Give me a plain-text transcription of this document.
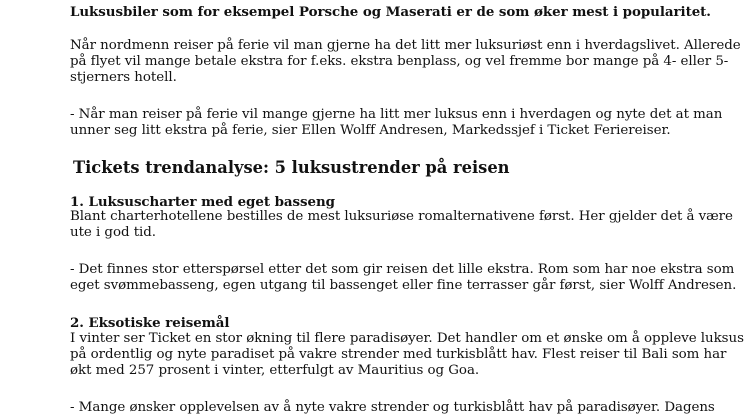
Luksusbiler som for eksempel Porsche og Maserati er de som øker mest i popularitet.
Når nordmenn reiser på ferie vil man gjerne ha det litt mer luksuriøst enn i hverdagslivet. Allerede
på flyet vil mange betale ekstra for f.eks. ekstra benplass, og vel fremme bor mange på 4- eller 5-
stjerners hotell.
- Når man reiser på ferie vil mange gjerne ha litt mer luksus enn i hverdagen og nyte det at man
unner seg litt ekstra på ferie, sier Ellen Wolff Andresen, Markedssjef i Ticket Feriereiser.
Tickets trendanalyse: 5 luksustrender på reisen
1. Luksuscharter med eget basseng
Blant charterhotellene bestilles de mest luksuriøse romalternativene først. Her gjelder det å være
ute i god tid.
- Det finnes stor etterspørsel etter det som gir reisen det lille ekstra. Rom som har noe ekstra som
eget svømmebasseng, egen utgang til bassenget eller fine terrasser går først, sier Wolff Andresen.
2. Eksotiske reisemål
I vinter ser Ticket en stor økning til flere paradisøyer. Det handler om et ønske om å oppleve luksus
på ordentlig og nyte paradiset på vakre strender med turkisblått hav. Flest reiser til Bali som har
økt med 257 prosent i vinter, etterfulgt av Mauritius og Goa.
- Mange ønsker opplevelsen av å nyte vakre strender og turkisblått hav på paradisøyer. Dagens
